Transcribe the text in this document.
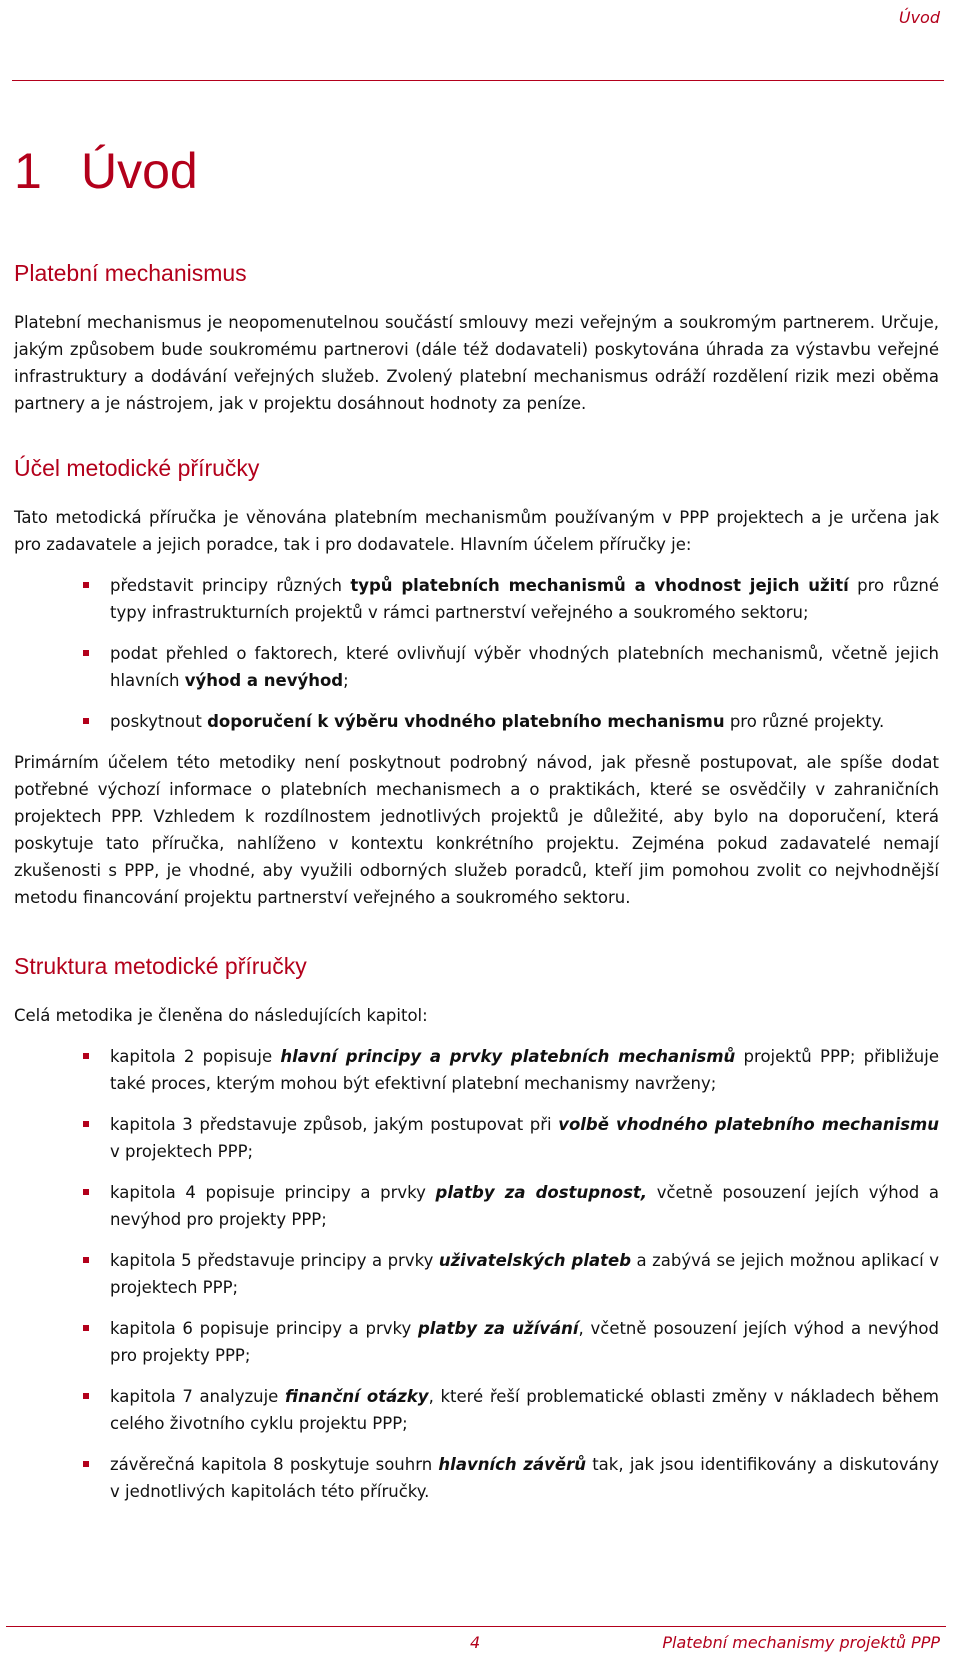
Úvod
1 Úvod
Platební mechanismus

Platební mechanismus je neopomenutelnou součástí smlouvy mezi veřejným a soukromým partnerem. Určuje, jakým způsobem bude soukromému partnerovi (dále též dodavateli) poskytována úhrada za výstavbu veřejné infrastruktury a dodávání veřejných služeb. Zvolený platební mechanismus odráží rozdělení rizik mezi oběma partnery a je nástrojem, jak v projektu dosáhnout hodnoty za peníze.

Účel metodické příručky

Tato metodická příručka je věnována platebním mechanismům používaným v PPP projektech a je určena jak pro zadavatele a jejich poradce, tak i pro dodavatele. Hlavním účelem příručky je:

představit principy různých typů platebních mechanismů a vhodnost jejich užití pro různé typy infrastrukturních projektů v rámci partnerství veřejného a soukromého sektoru;
podat přehled o faktorech, které ovlivňují výběr vhodných platebních mechanismů, včetně jejich hlavních výhod a nevýhod;
poskytnout doporučení k výběru vhodného platebního mechanismu pro různé projekty.

Primárním účelem této metodiky není poskytnout podrobný návod, jak přesně postupovat, ale spíše dodat potřebné výchozí informace o platebních mechanismech a o praktikách, které se osvědčily v zahraničních projektech PPP. Vzhledem k rozdílnostem jednotlivých projektů je důležité, aby bylo na doporučení, která poskytuje tato příručka, nahlíženo v kontextu konkrétního projektu. Zejména pokud zadavatelé nemají zkušenosti s PPP, je vhodné, aby využili odborných služeb poradců, kteří jim pomohou zvolit co nejvhodnější metodu financování projektu partnerství veřejného a soukromého sektoru.

Struktura metodické příručky

Celá metodika je členěna do následujících kapitol:

kapitola 2 popisuje hlavní principy a prvky platebních mechanismů projektů PPP; přibližuje také proces, kterým mohou být efektivní platební mechanismy navrženy;
kapitola 3 představuje způsob, jakým postupovat při volbě vhodného platebního mechanismu v projektech PPP;
kapitola 4 popisuje principy a prvky platby za dostupnost, včetně posouzení jejích výhod a nevýhod pro projekty PPP;
kapitola 5 představuje principy a prvky uživatelských plateb a zabývá se jejich možnou aplikací v projektech PPP;
kapitola 6 popisuje principy a prvky platby za užívání, včetně posouzení jejích výhod a nevýhod pro projekty PPP;
kapitola 7 analyzuje finanční otázky, které řeší problematické oblasti změny v nákladech během celého životního cyklu projektu PPP;
závěrečná kapitola 8 poskytuje souhrn hlavních závěrů tak, jak jsou identifikovány a diskutovány v jednotlivých kapitolách této příručky.
4	Platební mechanismy projektů PPP
